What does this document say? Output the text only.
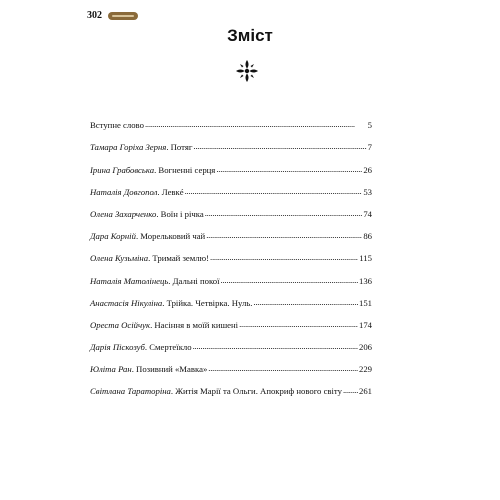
302
Зміст
Вступне слово . . .	5
Тамара Горіха Зерня . Потяг . . .	7
Ірина Грабовська . Вогненні серця . . .	26
Наталія Довгопол . Левкé . . .	53
Олена Захарченко . Воїн і річка . . .	74
Дара Корній . Морельковий чай . . .	86
Олена Кузьміна . Тримай землю! . . .	115
Наталія Матолінець . Дальні покої . . .	136
Анастасія Нікуліна . Трійка. Четвірка. Нуль. . . .	151
Ореста Осійчук . Насіння в моїй кишені . . .	174
Дарія Піскозуб . Смертеїкло . . .	206
Юліта Ран . Позивний «Мавка» . . .	229
Світлана Тараторіна . Житія Марії та Ольги. Апокриф нового світу . . . 261
